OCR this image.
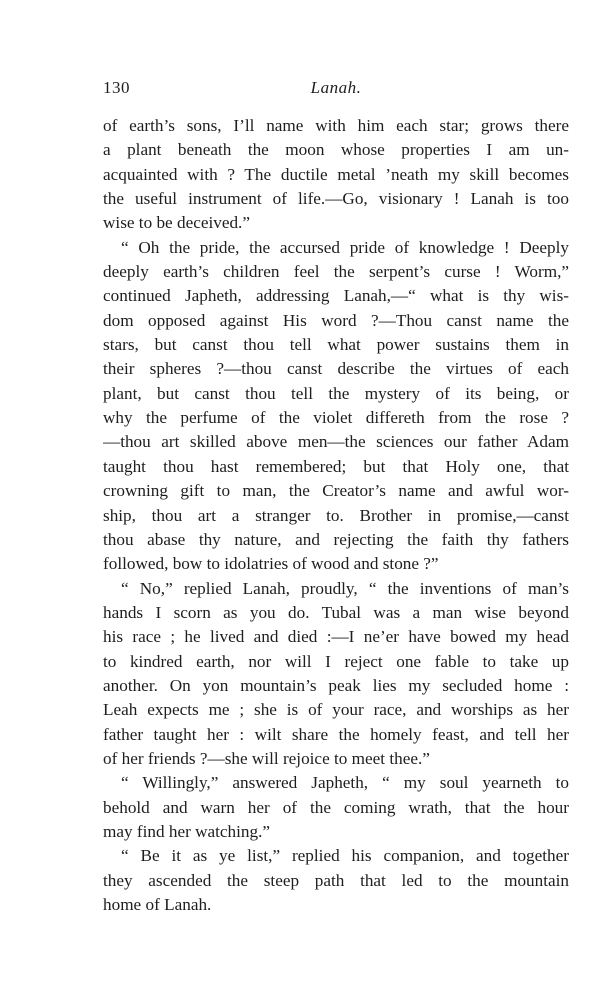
130	Lanah.
of earth’s sons, I’ll name with him each star; grows there
a plant beneath the moon whose properties I am un-
acquainted with ? The ductile metal ’neath my skill becomes
the useful instrument of life.—Go, visionary ! Lanah is too
wise to be deceived.”
“ Oh the pride, the accursed pride of knowledge ! Deeply
deeply earth’s children feel the serpent’s curse ! Worm,”
continued Japheth, addressing Lanah,—“ what is thy wis-
dom opposed against His word ?—Thou canst name the
stars, but canst thou tell what power sustains them in
their spheres ?—thou canst describe the virtues of each
plant, but canst thou tell the mystery of its being, or
why the perfume of the violet differeth from the rose ?
—thou art skilled above men—the sciences our father Adam
taught thou hast remembered; but that Holy one, that
crowning gift to man, the Creator’s name and awful wor-
ship, thou art a stranger to. Brother in promise,—canst
thou abase thy nature, and rejecting the faith thy fathers
followed, bow to idolatries of wood and stone ?”
“ No,” replied Lanah, proudly, “ the inventions of man’s
hands I scorn as you do. Tubal was a man wise beyond
his race ; he lived and died :—I ne’er have bowed my head
to kindred earth, nor will I reject one fable to take up
another. On yon mountain’s peak lies my secluded home :
Leah expects me ; she is of your race, and worships as her
father taught her : wilt share the homely feast, and tell her
of her friends ?—she will rejoice to meet thee.”
“ Willingly,” answered Japheth, “ my soul yearneth to
behold and warn her of the coming wrath, that the hour
may find her watching.”
“ Be it as ye list,” replied his companion, and together
they ascended the steep path that led to the mountain
home of Lanah.
